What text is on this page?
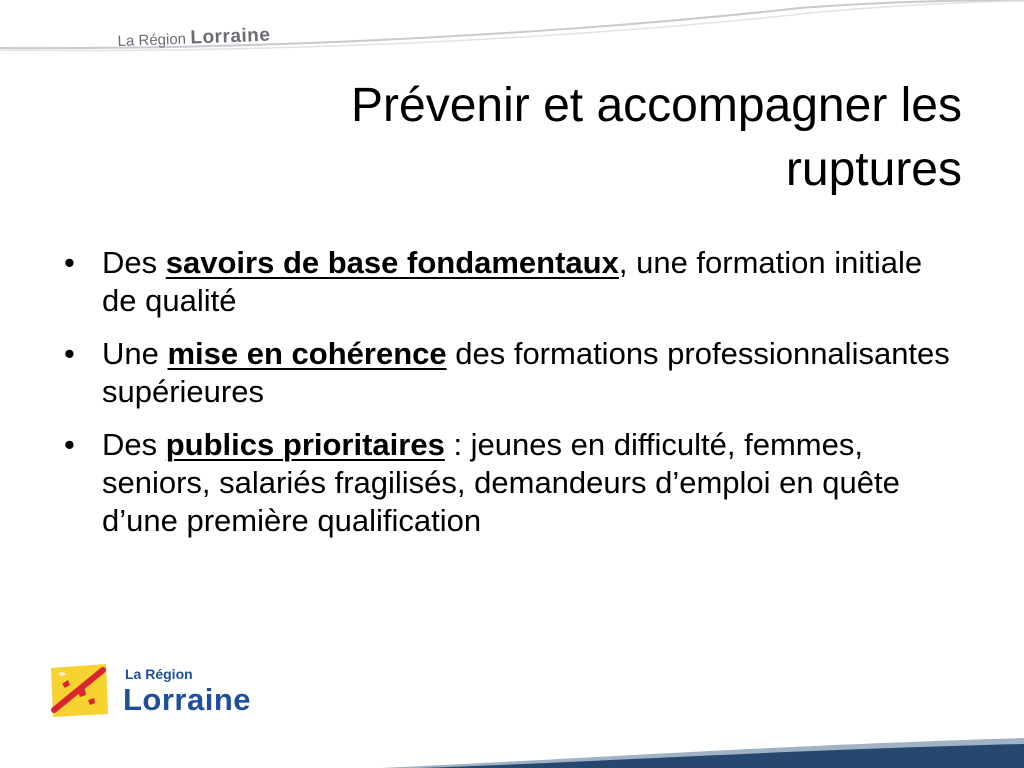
La Région Lorraine
Prévenir et accompagner les ruptures
• Des savoirs de base fondamentaux, une formation initiale de qualité
• Une mise en cohérence des formations professionnalisantes supérieures
• Des publics prioritaires : jeunes en difficulté, femmes, seniors, salariés fragilisés, demandeurs d’emploi en quête d’une première qualification
La Région
Lorraine
